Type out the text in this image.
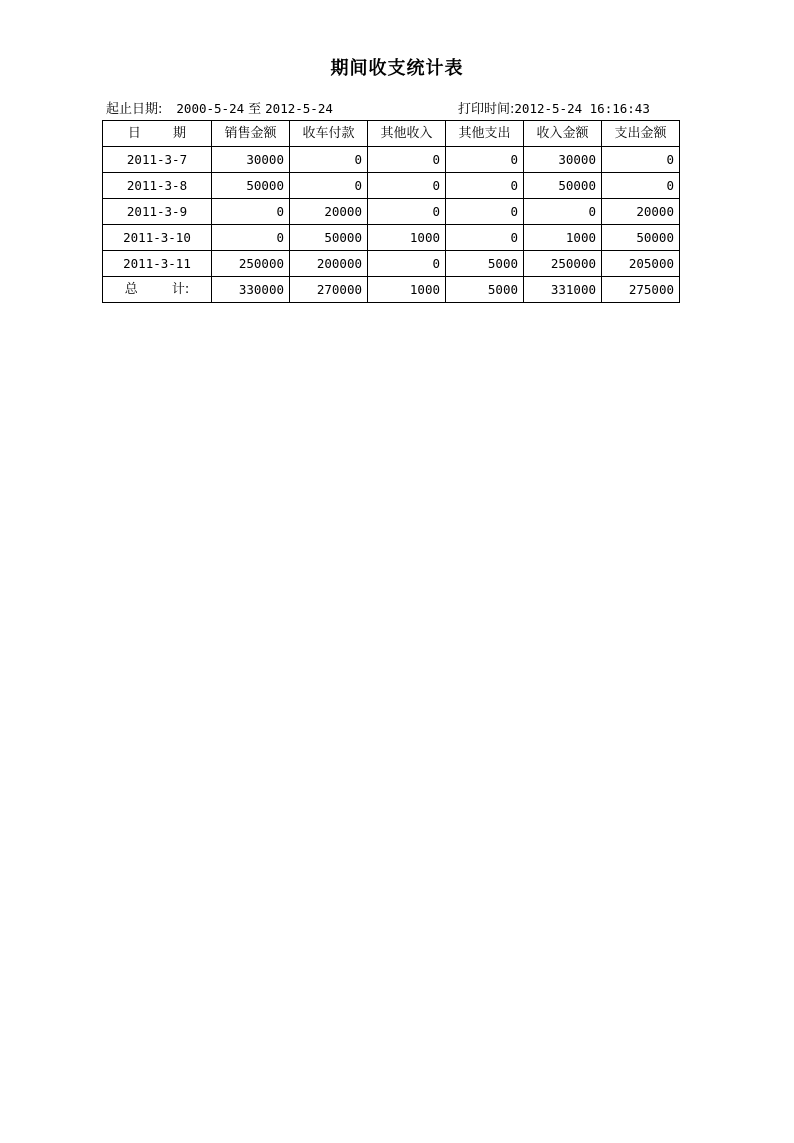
期间收支统计表
起止日期: 2000-5-24 至 2012-5-24	打印时间:2012-5-24 16:16:43
日 期	销售金额	收车付款	其他收入	其他支出	收入金额	支出金额
2011-3-7	30000	0	0	0	30000	0
2011-3-8	50000	0	0	0	50000	0
2011-3-9	0	20000	0	0	0	20000
2011-3-10	0	50000	1000	0	1000	50000
2011-3-11	250000	200000	0	5000	250000	205000
总 计:	330000	270000	1000	5000	331000	275000
